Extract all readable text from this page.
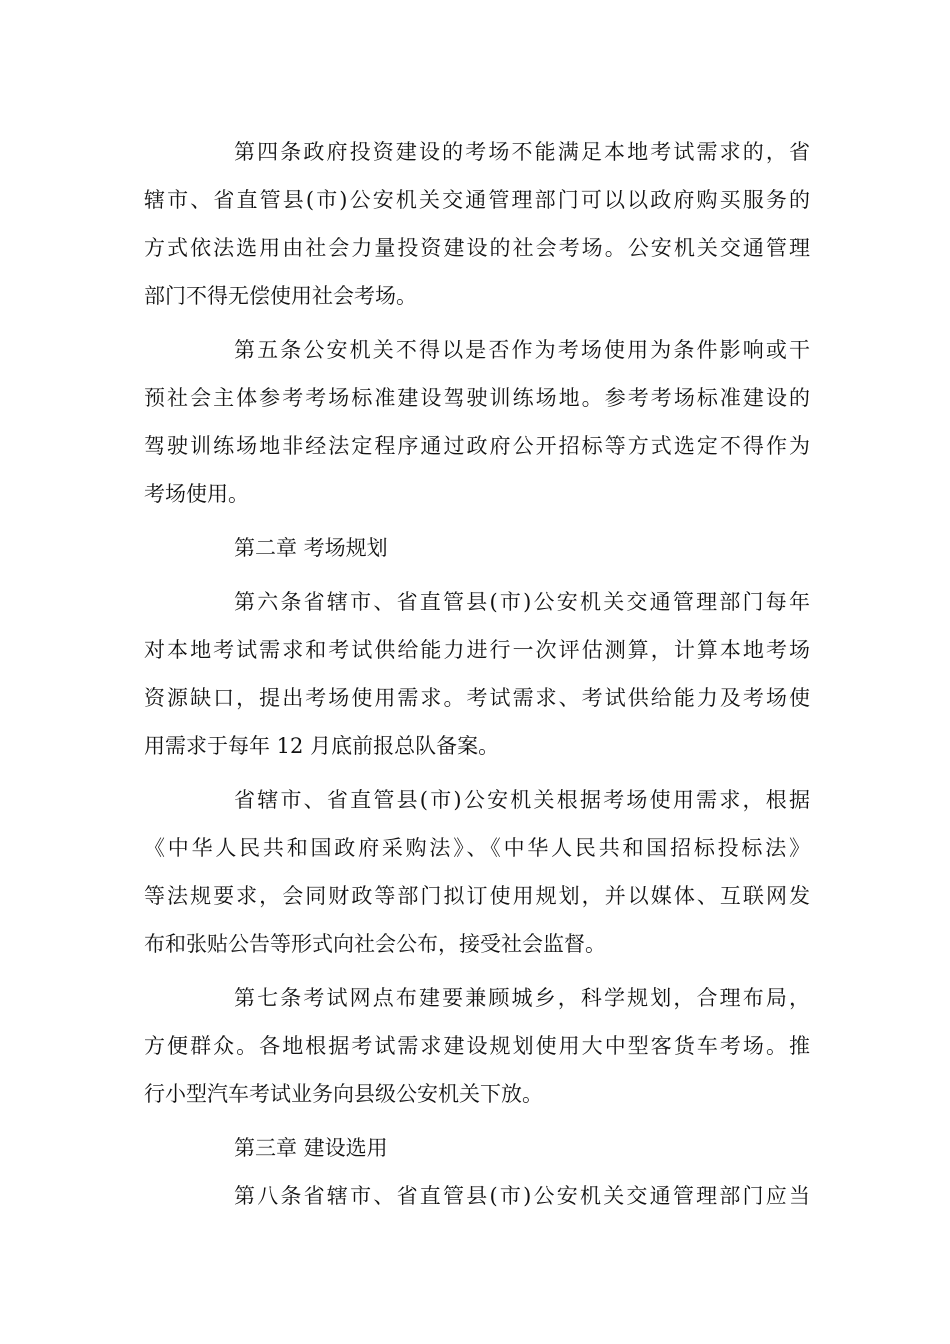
第四条政府投资建设的考场不能满足本地考试需求的，省
辖市、省直管县(市)公安机关交通管理部门可以以政府购买服务的
方式依法选用由社会力量投资建设的社会考场。公安机关交通管理
部门不得无偿使用社会考场。
第五条公安机关不得以是否作为考场使用为条件影响或干
预社会主体参考考场标准建设驾驶训练场地。参考考场标准建设的
驾驶训练场地非经法定程序通过政府公开招标等方式选定不得作为
考场使用。
第二章 考场规划
第六条省辖市、省直管县(市)公安机关交通管理部门每年
对本地考试需求和考试供给能力进行一次评估测算，计算本地考场
资源缺口，提出考场使用需求。考试需求、考试供给能力及考场使
用需求于每年 12 月底前报总队备案。
省辖市、省直管县(市)公安机关根据考场使用需求，根据
《中华人民共和国政府采购法》、《中华人民共和国招标投标法》
等法规要求，会同财政等部门拟订使用规划，并以媒体、互联网发
布和张贴公告等形式向社会公布，接受社会监督。
第七条考试网点布建要兼顾城乡，科学规划，合理布局，
方便群众。各地根据考试需求建设规划使用大中型客货车考场。推
行小型汽车考试业务向县级公安机关下放。
第三章 建设选用
第八条省辖市、省直管县(市)公安机关交通管理部门应当
